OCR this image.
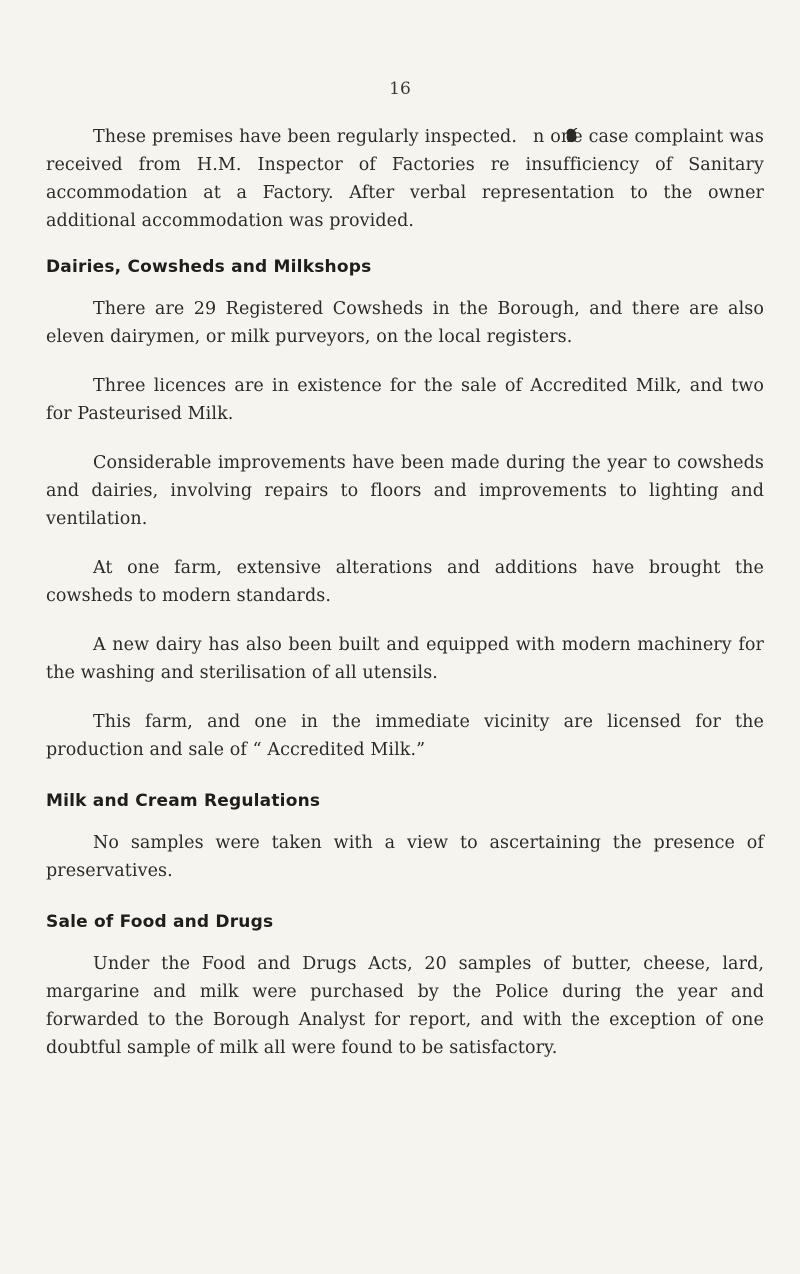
16

These premises have been regularly inspected. n one case complaint was received from H.M. Inspector of Factories re insufficiency of Sanitary accommodation at a Factory. After verbal representation to the owner additional accommodation was provided.

Dairies, Cowsheds and Milkshops

There are 29 Registered Cowsheds in the Borough, and there are also eleven dairymen, or milk purveyors, on the local registers.

Three licences are in existence for the sale of Accredited Milk, and two for Pasteurised Milk.

Considerable improvements have been made during the year to cowsheds and dairies, involving repairs to floors and improvements to lighting and ventilation.

At one farm, extensive alterations and additions have brought the cowsheds to modern standards.

A new dairy has also been built and equipped with modern machinery for the washing and sterilisation of all utensils.

This farm, and one in the immediate vicinity are licensed for the production and sale of “ Accredited Milk.”

Milk and Cream Regulations

No samples were taken with a view to ascertaining the presence of preservatives.

Sale of Food and Drugs

Under the Food and Drugs Acts, 20 samples of butter, cheese, lard, margarine and milk were purchased by the Police during the year and forwarded to the Borough Analyst for report, and with the exception of one doubtful sample of milk all were found to be satisfactory.
